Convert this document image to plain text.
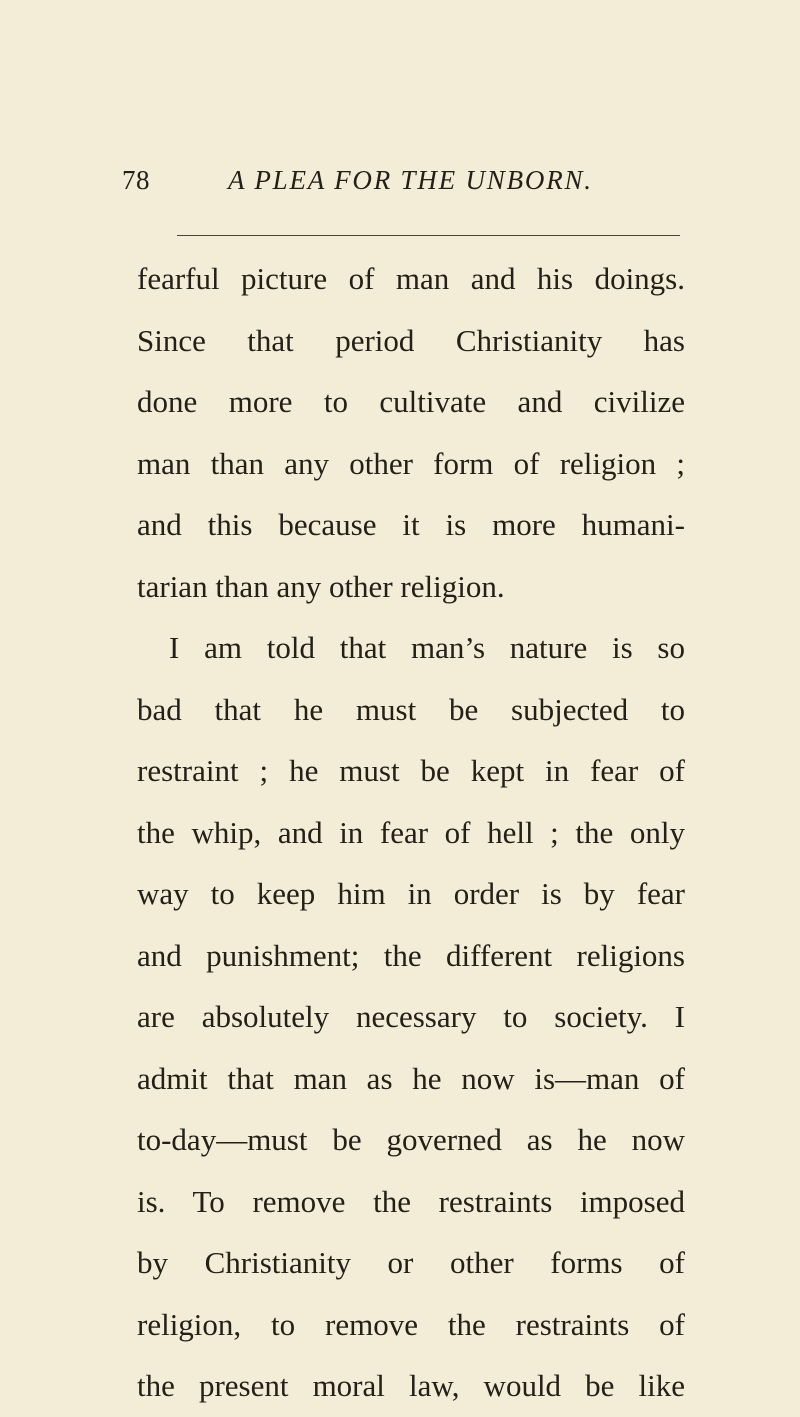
78	A PLEA FOR THE UNBORN.
fearful picture of man and his doings.
Since that period Christianity has
done more to cultivate and civilize
man than any other form of religion ;
and this because it is more humani-
tarian than any other religion.
I am told that man’s nature is so
bad that he must be subjected to
restraint ; he must be kept in fear of
the whip, and in fear of hell ; the only
way to keep him in order is by fear
and punishment; the different religions
are absolutely necessary to society. I
admit that man as he now is—man of
to-day—must be governed as he now
is. To remove the restraints imposed
by Christianity or other forms of
religion, to remove the restraints of
the present moral law, would be like
